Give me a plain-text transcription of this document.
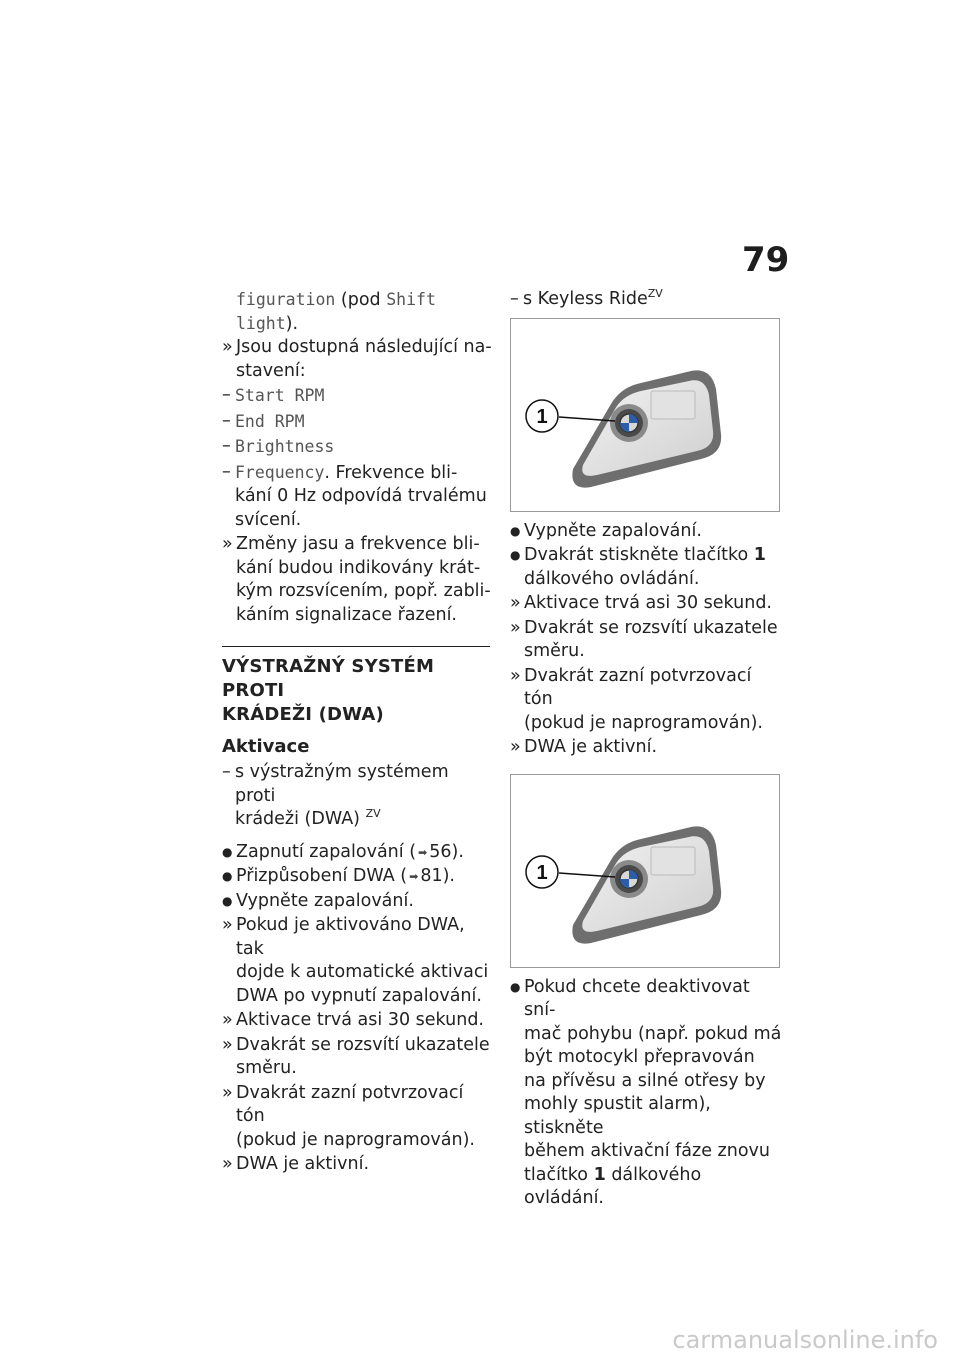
79
figuration (pod Shift
light).
» Jsou dostupná následující na-
stavení:
– Start RPM
– End RPM
– Brightness
– Frequency. Frekvence bli-
kání 0 Hz odpovídá trvalému
svícení.
» Změny jasu a frekvence bli-
kání budou indikovány krát-
kým rozsvícením, popř. zabli-
káním signalizace řazení.
VÝSTRAŽNÝ SYSTÉM PROTI
KRÁDEŽI (DWA)
Aktivace
– s výstražným systémem proti
krádeži (DWA) $^{ZV}$
● Zapnutí zapalování ( ➡ 56).
● Přizpůsobení DWA ( ➡ 81).
● Vypněte zapalování.
» Pokud je aktivováno DWA, tak
dojde k automatické aktivaci
DWA po vypnutí zapalování.
» Aktivace trvá asi 30 sekund.
» Dvakrát se rozsvítí ukazatele
směru.
» Dvakrát zazní potvrzovací tón
(pokud je naprogramován).
» DWA je aktivní.
– s Keyless Ride$^{ZV}$
1
● Vypněte zapalování.
● Dvakrát stiskněte tlačítko 1
dálkového ovládání.
» Aktivace trvá asi 30 sekund.
» Dvakrát se rozsvítí ukazatele
směru.
» Dvakrát zazní potvrzovací tón
(pokud je naprogramován).
» DWA je aktivní.
1
● Pokud chcete deaktivovat sní-
mač pohybu (např. pokud má
být motocykl přepravován
na přívěsu a silné otřesy by
mohly spustit alarm), stiskněte
během aktivační fáze znovu
tlačítko 1 dálkového ovládání.
carmanualsonline.info
